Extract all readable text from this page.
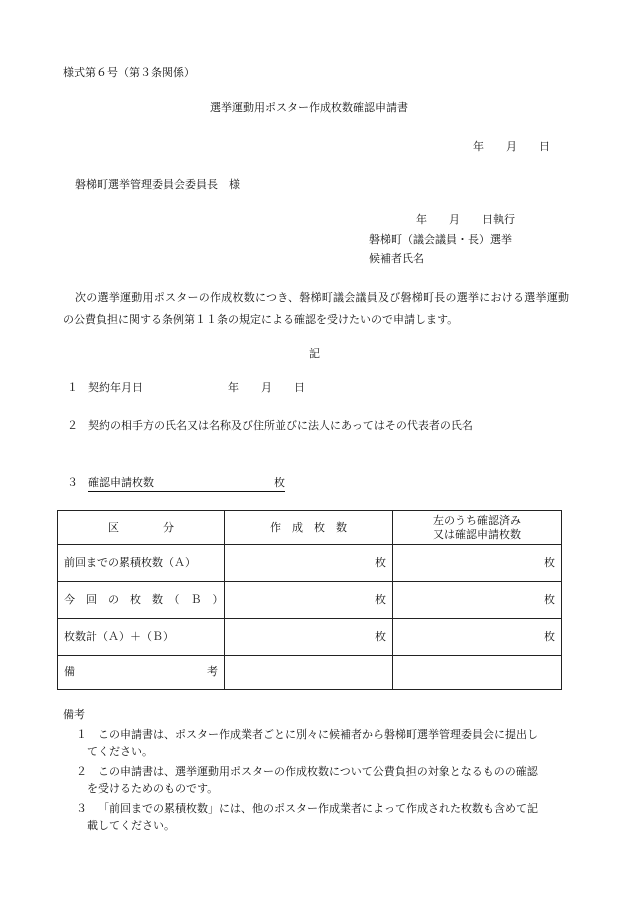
様式第６号（第３条関係）
選挙運動用ポスター作成枚数確認申請書
年　　月　　日
磐梯町選挙管理委員会委員長　様
年　　月　　日執行
磐梯町（議会議員・長）選挙
候補者氏名
次の選挙運動用ポスターの作成枚数につき、磐梯町議会議員及び磐梯町長の選挙における選挙運動の公費負担に関する条例第１１条の規定による確認を受けたいので申請します。
記
１ 契約年月日	年　　月　　日
２ 契約の相手方の氏名又は名称及び住所並びに法人にあってはその代表者の氏名
３ 確認申請枚数	枚
区　　　　分	作　成　枚　数	左のうち確認済み
又は確認申請枚数

前回までの累積枚数（Ａ）	枚	枚
今　回　の　枚　数　（　Ｂ　）	枚	枚
枚数計（Ａ）＋（Ｂ）	枚	枚

備 考		

備考
１ この申請書は、ポスター作成業者ごとに別々に候補者から磐梯町選挙管理委員会に提出し
てください。
２ この申請書は、選挙運動用ポスターの作成枚数について公費負担の対象となるものの確認
を受けるためのものです。
３ 「前回までの累積枚数」には、他のポスター作成業者によって作成された枚数も含めて記
載してください。
